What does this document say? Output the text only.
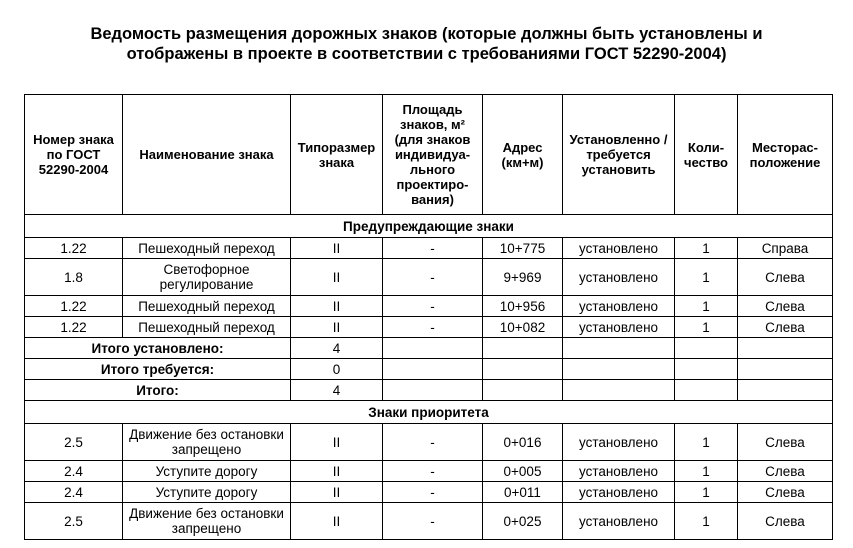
Ведомость размещения дорожных знаков (которые должны быть установлены и
отображены в проекте в соответствии с требованиями ГОСТ 52290-2004)
Номер знака по ГОСТ 52290-2004	Наименование знака	Типоразмер знака	Площадь знаков, м² (для знаков индивидуа-льного проектиро-вания)	Адрес (км+м)	Установленно / требуется установить	Коли-чество	Месторас-положение
Предупреждающие знаки							
1.22	Пешеходный переход	II	-	10+775	установлено	1	Справа
1.8	Светофорное регулирование	II	-	9+969	установлено	1	Слева
1.22	Пешеходный переход	II	-	10+956	установлено	1	Слева
1.22	Пешеходный переход	II	-	10+082	установлено	1	Слева
Итого установлено:		4					
Итого требуется:		0					
Итого:		4					
Знаки приоритета							
2.5	Движение без остановки запрещено	II	-	0+016	установлено	1	Слева
2.4	Уступите дорогу	II	-	0+005	установлено	1	Слева
2.4	Уступите дорогу	II	-	0+011	установлено	1	Слева
2.5	Движение без остановки запрещено	II	-	0+025	установлено	1	Слева
